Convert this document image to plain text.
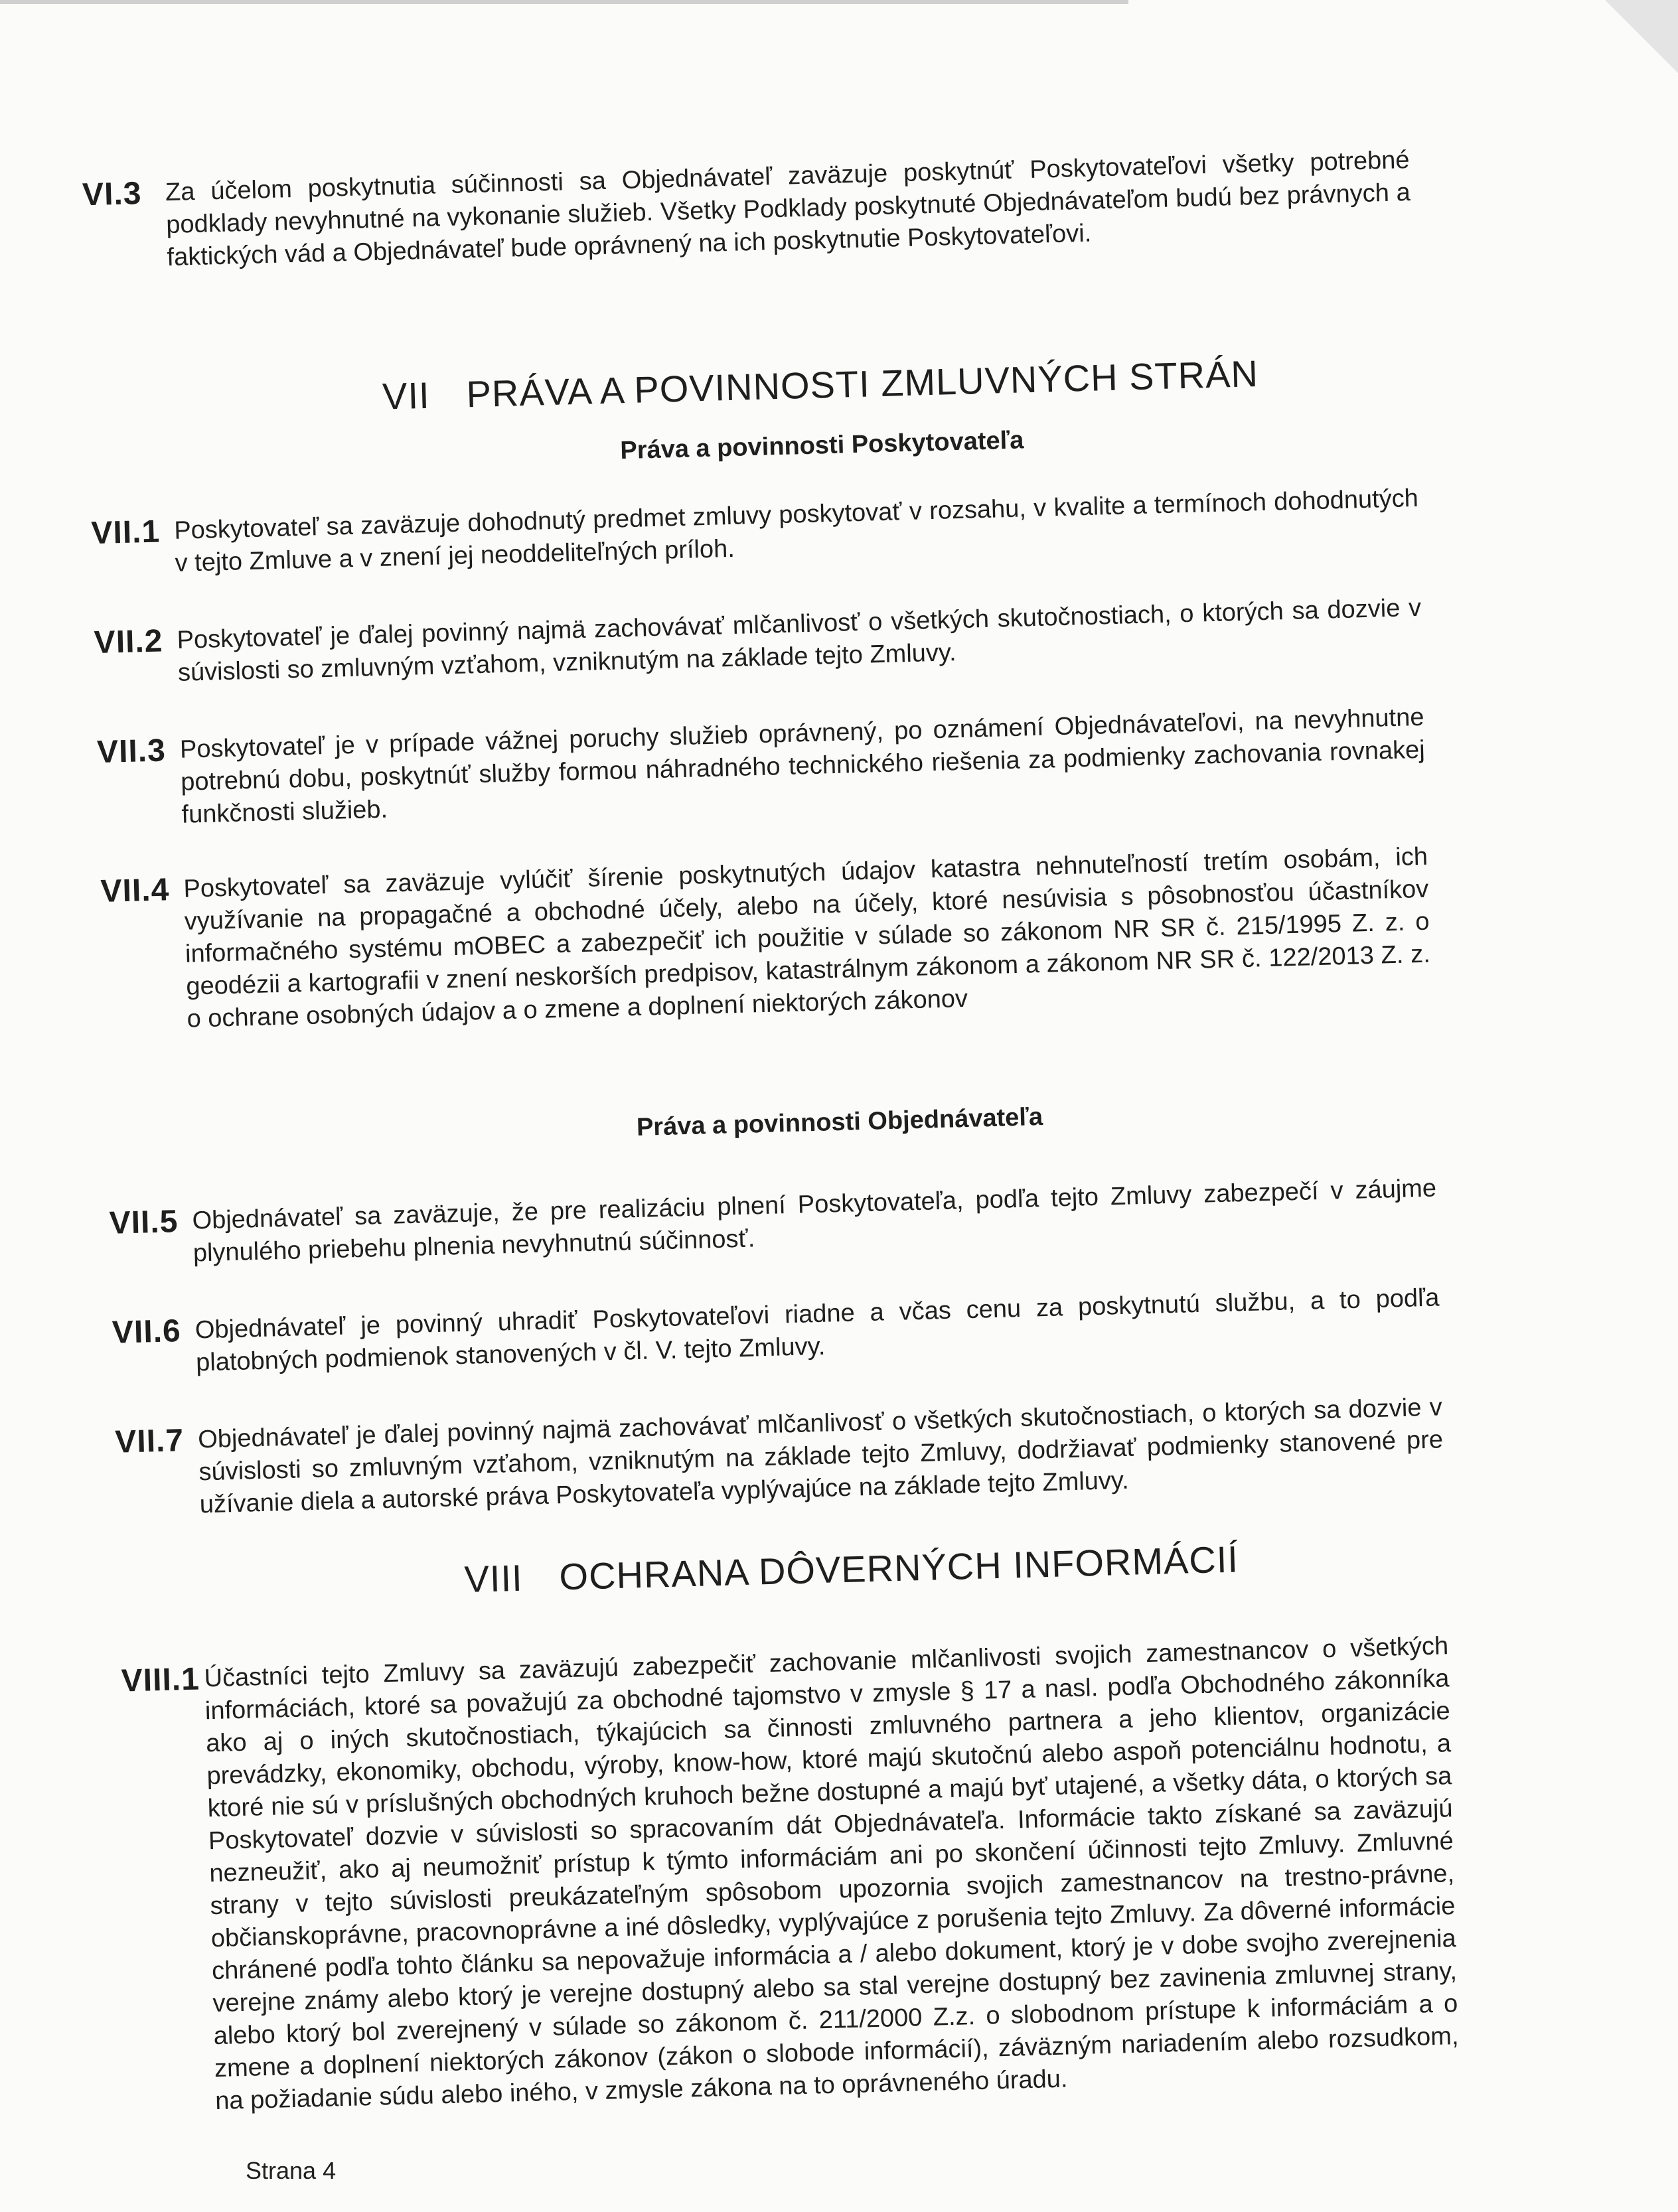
VI.3 Za účelom poskytnutia súčinnosti sa Objednávateľ zaväzuje poskytnúť Poskytovateľovi všetky potrebné podklady nevyhnutné na vykonanie služieb. Všetky Podklady poskytnuté Objednávateľom budú bez právnych a faktických vád a Objednávateľ bude oprávnený na ich poskytnutie Poskytovateľovi.
VII PRÁVA A POVINNOSTI ZMLUVNÝCH STRÁN
Práva a povinnosti Poskytovateľa
VII.1 Poskytovateľ sa zaväzuje dohodnutý predmet zmluvy poskytovať v rozsahu, v kvalite a termínoch dohodnutých v tejto Zmluve a v znení jej neoddeliteľných príloh.
VII.2 Poskytovateľ je ďalej povinný najmä zachovávať mlčanlivosť o všetkých skutočnostiach, o ktorých sa dozvie v súvislosti so zmluvným vzťahom, vzniknutým na základe tejto Zmluvy.
VII.3 Poskytovateľ je v prípade vážnej poruchy služieb oprávnený, po oznámení Objednávateľovi, na nevyhnutne potrebnú dobu, poskytnúť služby formou náhradného technického riešenia za podmienky zachovania rovnakej funkčnosti služieb.
VII.4 Poskytovateľ sa zaväzuje vylúčiť šírenie poskytnutých údajov katastra nehnuteľností tretím osobám, ich využívanie na propagačné a obchodné účely, alebo na účely, ktoré nesúvisia s pôsobnosťou účastníkov informačného systému mOBEC a zabezpečiť ich použitie v súlade so zákonom NR SR č. 215/1995 Z. z. o geodézii a kartografii v znení neskorších predpisov, katastrálnym zákonom a zákonom NR SR č. 122/2013 Z. z. o ochrane osobných údajov a o zmene a doplnení niektorých zákonov
Práva a povinnosti Objednávateľa
VII.5 Objednávateľ sa zaväzuje, že pre realizáciu plnení Poskytovateľa, podľa tejto Zmluvy zabezpečí v záujme plynulého priebehu plnenia nevyhnutnú súčinnosť.
VII.6 Objednávateľ je povinný uhradiť Poskytovateľovi riadne a včas cenu za poskytnutú službu, a to podľa platobných podmienok stanovených v čl. V. tejto Zmluvy.
VII.7 Objednávateľ je ďalej povinný najmä zachovávať mlčanlivosť o všetkých skutočnostiach, o ktorých sa dozvie v súvislosti so zmluvným vzťahom, vzniknutým na základe tejto Zmluvy, dodržiavať podmienky stanovené pre užívanie diela a autorské práva Poskytovateľa vyplývajúce na základe tejto Zmluvy.
VIII OCHRANA DÔVERNÝCH INFORMÁCIÍ
VIII.1 Účastníci tejto Zmluvy sa zaväzujú zabezpečiť zachovanie mlčanlivosti svojich zamestnancov o všetkých informáciách, ktoré sa považujú za obchodné tajomstvo v zmysle § 17 a nasl. podľa Obchodného zákonníka ako aj o iných skutočnostiach, týkajúcich sa činnosti zmluvného partnera a jeho klientov, organizácie prevádzky, ekonomiky, obchodu, výroby, know-how, ktoré majú skutočnú alebo aspoň potenciálnu hodnotu, a ktoré nie sú v príslušných obchodných kruhoch bežne dostupné a majú byť utajené, a všetky dáta, o ktorých sa Poskytovateľ dozvie v súvislosti so spracovaním dát Objednávateľa. Informácie takto získané sa zaväzujú nezneužiť, ako aj neumožniť prístup k týmto informáciám ani po skončení účinnosti tejto Zmluvy. Zmluvné strany v tejto súvislosti preukázateľným spôsobom upozornia svojich zamestnancov na trestno-právne, občianskoprávne, pracovnoprávne a iné dôsledky, vyplývajúce z porušenia tejto Zmluvy. Za dôverné informácie chránené podľa tohto článku sa nepovažuje informácia a / alebo dokument, ktorý je v dobe svojho zverejnenia verejne známy alebo ktorý je verejne dostupný alebo sa stal verejne dostupný bez zavinenia zmluvnej strany, alebo ktorý bol zverejnený v súlade so zákonom č. 211/2000 Z.z. o slobodnom prístupe k informáciám a o zmene a doplnení niektorých zákonov (zákon o slobode informácií), záväzným nariadením alebo rozsudkom, na požiadanie súdu alebo iného, v zmysle zákona na to oprávneného úradu.
Strana 4
